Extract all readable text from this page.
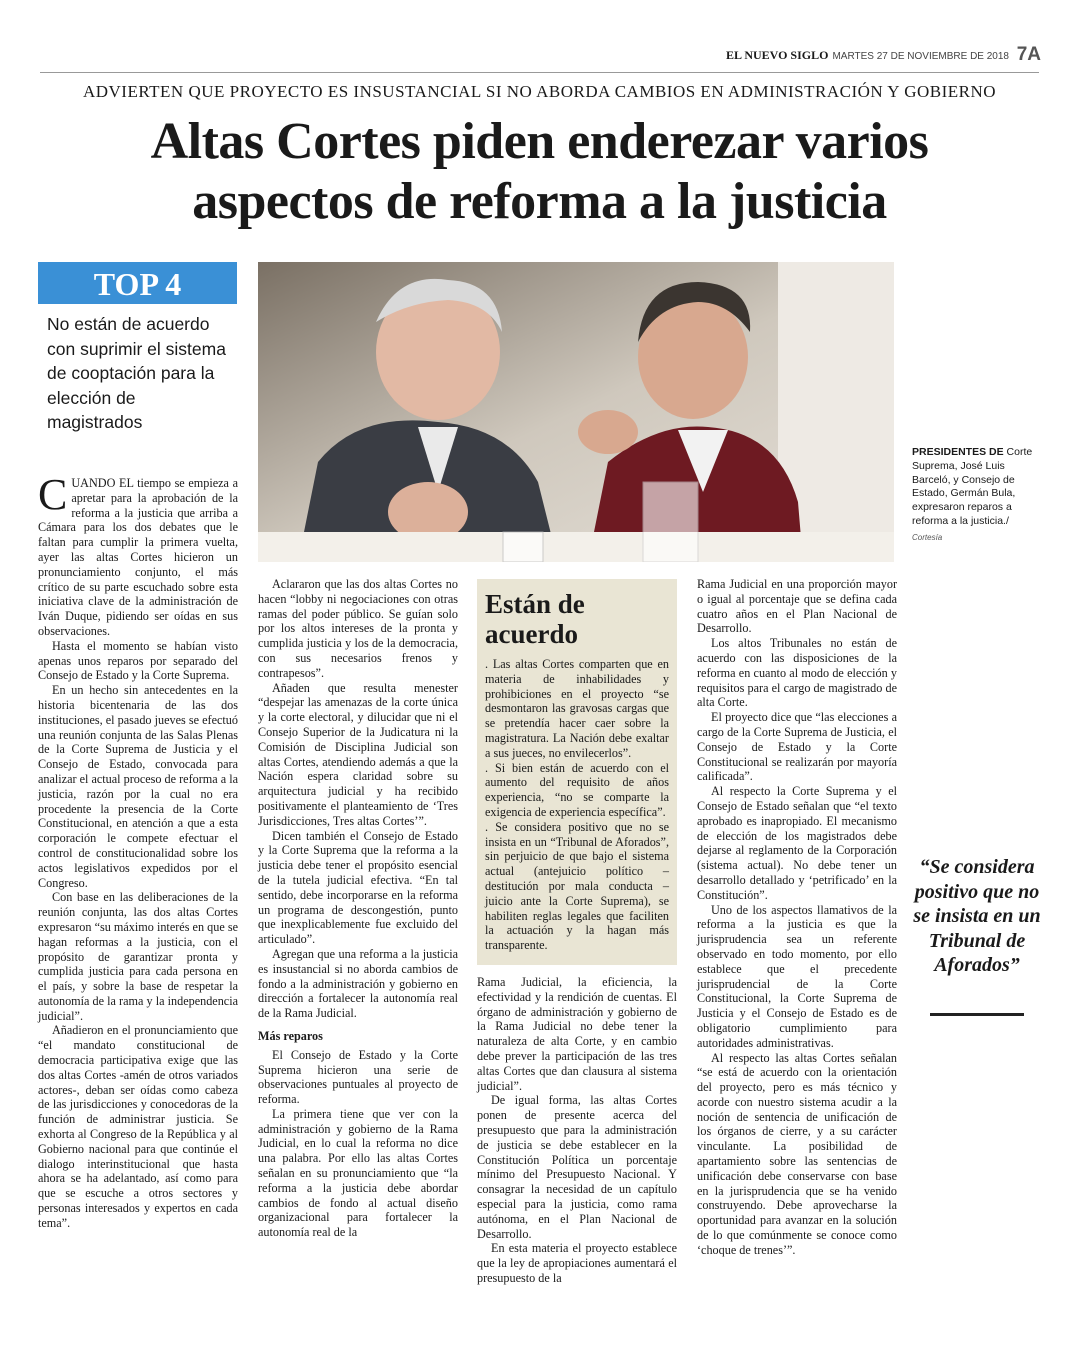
EL NUEVO SIGLO MARTES 27 DE NOVIEMBRE DE 2018 7A
ADVIERTEN QUE PROYECTO ES INSUSTANCIAL SI NO ABORDA CAMBIOS EN ADMINISTRACIÓN Y GOBIERNO
Altas Cortes piden enderezar varios aspectos de reforma a la justicia
TOP 4
No están de acuerdo con suprimir el sistema de cooptación para la elección de magistrados
PRESIDENTES DE Corte Suprema, José Luis Barceló, y Consejo de Estado, Germán Bula, expresaron reparos a reforma a la justicia./
Cortesía

CUANDO EL tiempo se empieza a apretar para la aprobación de la reforma a la justicia que arriba a Cámara para los dos debates que le faltan para cumplir la primera vuelta, ayer las altas Cortes hicieron un pronunciamiento conjunto, el más crítico de su parte escuchado sobre esta iniciativa clave de la administración de Iván Duque, pidiendo ser oídas en sus observaciones.

Hasta el momento se habían visto apenas unos reparos por separado del Consejo de Estado y la Corte Suprema.

En un hecho sin antecedentes en la historia bicentenaria de las dos instituciones, el pasado jueves se efectuó una reunión conjunta de las Salas Plenas de la Corte Suprema de Justicia y el Consejo de Estado, convocada para analizar el actual proceso de reforma a la justicia, razón por la cual no era procedente la presencia de la Corte Constitucional, en atención a que a esta corporación le compete efectuar el control de constitucionalidad sobre los actos legislativos expedidos por el Congreso.

Con base en las deliberaciones de la reunión conjunta, las dos altas Cortes expresaron “su máximo interés en que se hagan reformas a la justicia, con el propósito de garantizar pronta y cumplida justicia para cada persona en el país, y sobre la base de respetar la autonomía de la rama y la independencia judicial”.

Añadieron en el pronunciamiento que “el mandato constitucional de democracia participativa exige que las dos altas Cortes -amén de otros variados actores-, deban ser oídas como cabeza de las jurisdicciones y conocedoras de la función de administrar justicia. Se exhorta al Congreso de la República y al Gobierno nacional para que continúe el dialogo interinstitucional que hasta ahora se ha adelantado, así como para que se escuche a otros sectores y personas interesados y expertos en cada tema”.

Aclararon que las dos altas Cortes no hacen “lobby ni negociaciones con otras ramas del poder público. Se guían solo por los altos intereses de la pronta y cumplida justicia y los de la democracia, con sus necesarios frenos y contrapesos”.

Añaden que resulta menester “despejar las amenazas de la corte única y la corte electoral, y dilucidar que ni el Consejo Superior de la Judicatura ni la Comisión de Disciplina Judicial son altas Cortes, atendiendo además a que la Nación espera claridad sobre su arquitectura judicial y ha recibido positivamente el planteamiento de ‘Tres Jurisdicciones, Tres altas Cortes’”.

Dicen también el Consejo de Estado y la Corte Suprema que la reforma a la justicia debe tener el propósito esencial de la tutela judicial efectiva. “En tal sentido, debe incorporarse en la reforma un programa de descongestión, punto que inexplicablemente fue excluido del articulado”.

Agregan que una reforma a la justicia es insustancial si no aborda cambios de fondo a la administración y gobierno en dirección a fortalecer la autonomía real de la Rama Judicial.

Más reparos

El Consejo de Estado y la Corte Suprema hicieron una serie de observaciones puntuales al proyecto de reforma.

La primera tiene que ver con la administración y gobierno de la Rama Judicial, en lo cual la reforma no dice una palabra. Por ello las altas Cortes señalan en su pronunciamiento que “la reforma a la justicia debe abordar cambios de fondo al actual diseño organizacional para fortalecer la autonomía real de la

Están de acuerdo

. Las altas Cortes comparten que en materia de inhabilidades y prohibiciones en el proyecto “se desmontaron las gravosas cargas que se pretendía hacer caer sobre la magistratura. La Nación debe exaltar a sus jueces, no envilecerlos”.

. Si bien están de acuerdo con el aumento del requisito de años experiencia, “no se comparte la exigencia de experiencia específica”.

. Se considera positivo que no se insista en un “Tribunal de Aforados”, sin perjuicio de que bajo el sistema actual (antejuicio político – destitución por mala conducta – juicio ante la Corte Suprema), se habiliten reglas legales que faciliten la actuación y la hagan más transparente.

Rama Judicial, la eficiencia, la efectividad y la rendición de cuentas. El órgano de administración y gobierno de la Rama Judicial no debe tener la naturaleza de alta Corte, y en cambio debe prever la participación de las tres altas Cortes que dan clausura al sistema judicial”.

De igual forma, las altas Cortes ponen de presente acerca del presupuesto que para la administración de justicia se debe establecer en la Constitución Política un porcentaje mínimo del Presupuesto Nacional. Y consagrar la necesidad de un capítulo especial para la justicia, como rama autónoma, en el Plan Nacional de Desarrollo.

En esta materia el proyecto establece que la ley de apropiaciones aumentará el presupuesto de la

Rama Judicial en una proporción mayor o igual al porcentaje que se defina cada cuatro años en el Plan Nacional de Desarrollo.

Los altos Tribunales no están de acuerdo con las disposiciones de la reforma en cuanto al modo de elección y requisitos para el cargo de magistrado de alta Corte.

El proyecto dice que “las elecciones a cargo de la Corte Suprema de Justicia, el Consejo de Estado y la Corte Constitucional se realizarán por mayoría calificada”.

Al respecto la Corte Suprema y el Consejo de Estado señalan que “el texto aprobado es inapropiado. El mecanismo de elección de los magistrados debe dejarse al reglamento de la Corporación (sistema actual). No debe tener un desarrollo detallado y ‘petrificado’ en la Constitución”.

Uno de los aspectos llamativos de la reforma a la justicia es que la jurisprudencia sea un referente observado en todo momento, por ello establece que el precedente jurisprudencial de la Corte Constitucional, la Corte Suprema de Justicia y el Consejo de Estado es de obligatorio cumplimiento para autoridades administrativas.

Al respecto las altas Cortes señalan “se está de acuerdo con la orientación del proyecto, pero es más técnico y acorde con nuestro sistema acudir a la noción de sentencia de unificación de los órganos de cierre, y a su carácter vinculante. La posibilidad de apartamiento sobre las sentencias de unificación debe conservarse con base en la jurisprudencia que se ha venido construyendo. Debe aprovecharse la oportunidad para avanzar en la solución de lo que comúnmente se conoce como ‘choque de trenes’”.

“Se considera positivo que no se insista en un Tribunal de Aforados”
